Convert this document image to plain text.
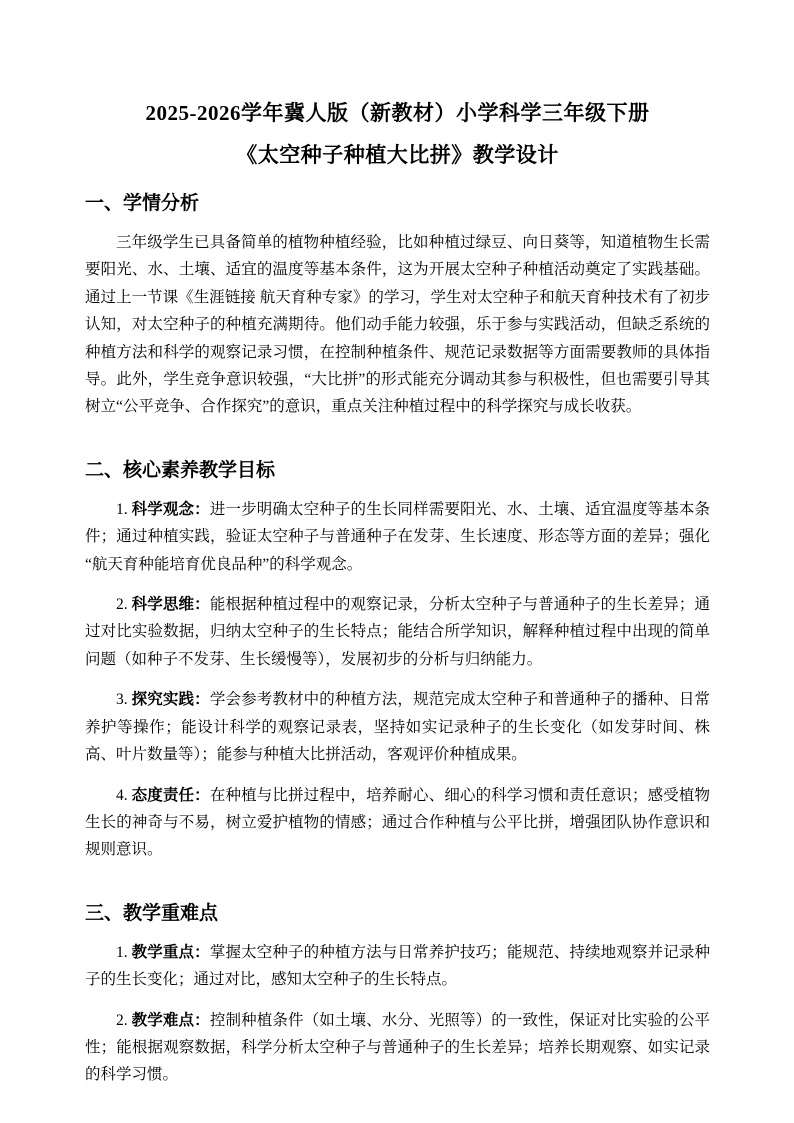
2025-2026学年冀人版（新教材）小学科学三年级下册
《太空种子种植大比拼》教学设计
一、学情分析

三年级学生已具备简单的植物种植经验，比如种植过绿豆、向日葵等，知道植物生长需要阳光、水、土壤、适宜的温度等基本条件，这为开展太空种子种植活动奠定了实践基础。通过上一节课《生涯链接 航天育种专家》的学习，学生对太空种子和航天育种技术有了初步认知，对太空种子的种植充满期待。他们动手能力较强，乐于参与实践活动，但缺乏系统的种植方法和科学的观察记录习惯，在控制种植条件、规范记录数据等方面需要教师的具体指导。此外，学生竞争意识较强，“大比拼”的形式能充分调动其参与积极性，但也需要引导其树立“公平竞争、合作探究”的意识，重点关注种植过程中的科学探究与成长收获。

二、核心素养教学目标

1. 科学观念：进一步明确太空种子的生长同样需要阳光、水、土壤、适宜温度等基本条件；通过种植实践，验证太空种子与普通种子在发芽、生长速度、形态等方面的差异；强化“航天育种能培育优良品种”的科学观念。

2. 科学思维：能根据种植过程中的观察记录，分析太空种子与普通种子的生长差异；通过对比实验数据，归纳太空种子的生长特点；能结合所学知识，解释种植过程中出现的简单问题（如种子不发芽、生长缓慢等），发展初步的分析与归纳能力。

3. 探究实践：学会参考教材中的种植方法，规范完成太空种子和普通种子的播种、日常养护等操作；能设计科学的观察记录表，坚持如实记录种子的生长变化（如发芽时间、株高、叶片数量等）；能参与种植大比拼活动，客观评价种植成果。

4. 态度责任：在种植与比拼过程中，培养耐心、细心的科学习惯和责任意识；感受植物生长的神奇与不易，树立爱护植物的情感；通过合作种植与公平比拼，增强团队协作意识和规则意识。

三、教学重难点

1. 教学重点：掌握太空种子的种植方法与日常养护技巧；能规范、持续地观察并记录种子的生长变化；通过对比，感知太空种子的生长特点。

2. 教学难点：控制种植条件（如土壤、水分、光照等）的一致性，保证对比实验的公平性；能根据观察数据，科学分析太空种子与普通种子的生长差异；培养长期观察、如实记录的科学习惯。
